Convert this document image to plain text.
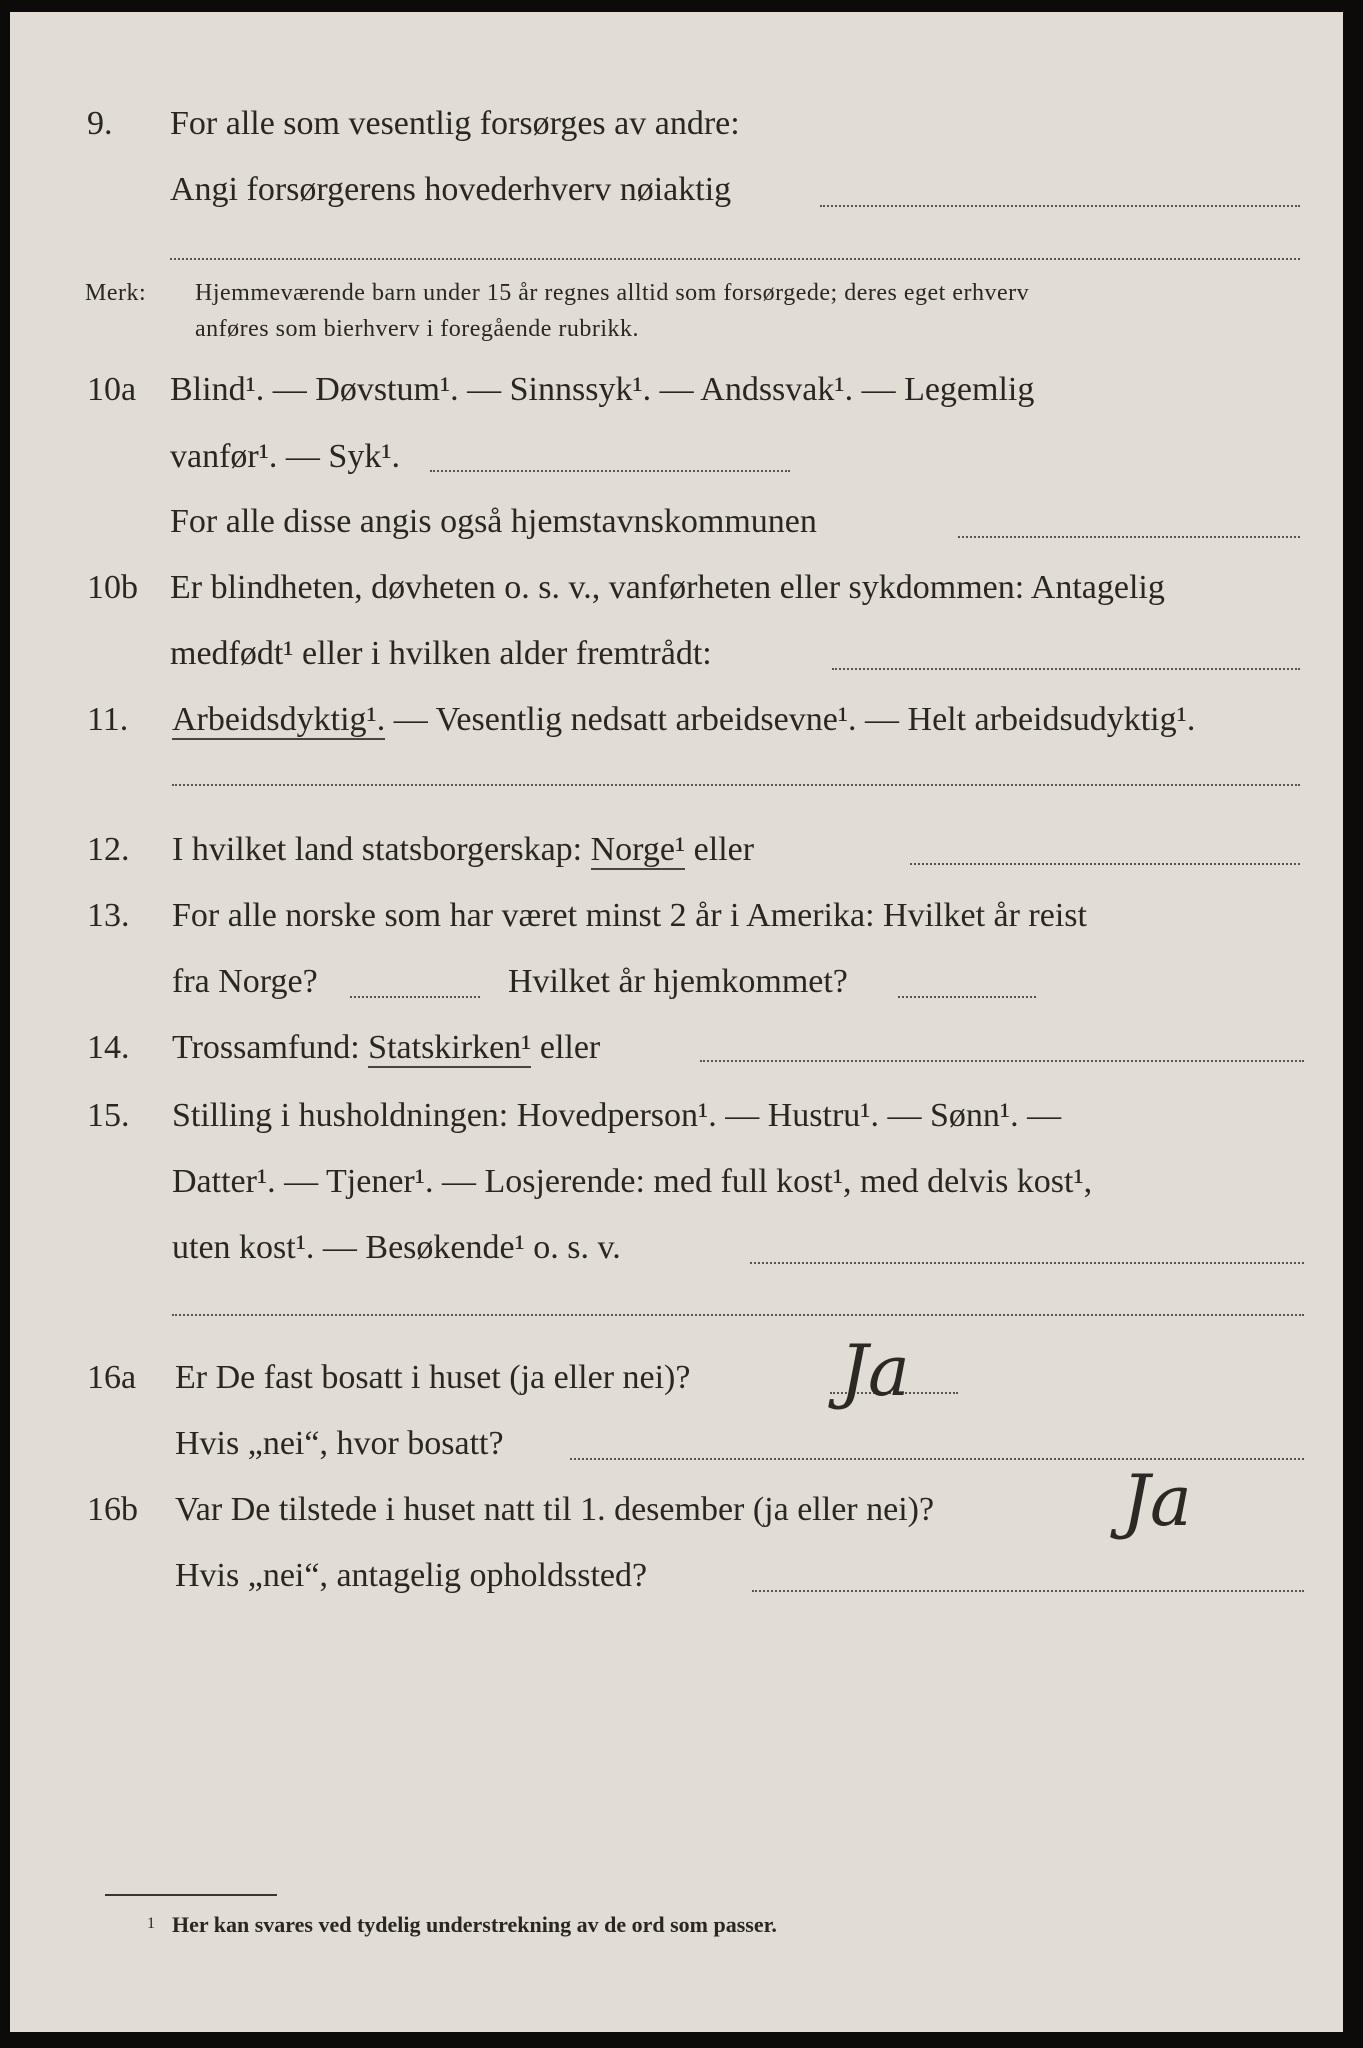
9. For alle som vesentlig forsørges av andre:
Angi forsørgerens hovederhverv nøiaktig
Merk: Hjemmeværende barn under 15 år regnes alltid som forsørgede; deres eget erhverv
anføres som bierhverv i foregående rubrikk.
10a Blind¹. — Døvstum¹. — Sinnssyk¹. — Andssvak¹. — Legemlig
vanfør¹. — Syk¹.
For alle disse angis også hjemstavnskommunen
10b Er blindheten, døvheten o. s. v., vanførheten eller sykdommen: Antagelig
medfødt¹ eller i hvilken alder fremtrådt:
11. Arbeidsdyktig¹. — Vesentlig nedsatt arbeidsevne¹. — Helt arbeidsudyktig¹.
12. I hvilket land statsborgerskap: Norge¹ eller
13. For alle norske som har været minst 2 år i Amerika: Hvilket år reist
fra Norge?	Hvilket år hjemkommet?
14. Trossamfund: Statskirken¹ eller
15. Stilling i husholdningen: Hovedperson¹. — Hustru¹. — Sønn¹. —
Datter¹. — Tjener¹. — Losjerende: med full kost¹, med delvis kost¹,
uten kost¹. — Besøkende¹ o. s. v.
16a Er De fast bosatt i huset (ja eller nei)? Ja
Hvis „nei“, hvor bosatt?
16b Var De tilstede i huset natt til 1. desember (ja eller nei)?	Ja
Hvis „nei“, antagelig opholdssted?
1 Her kan svares ved tydelig understrekning av de ord som passer.
